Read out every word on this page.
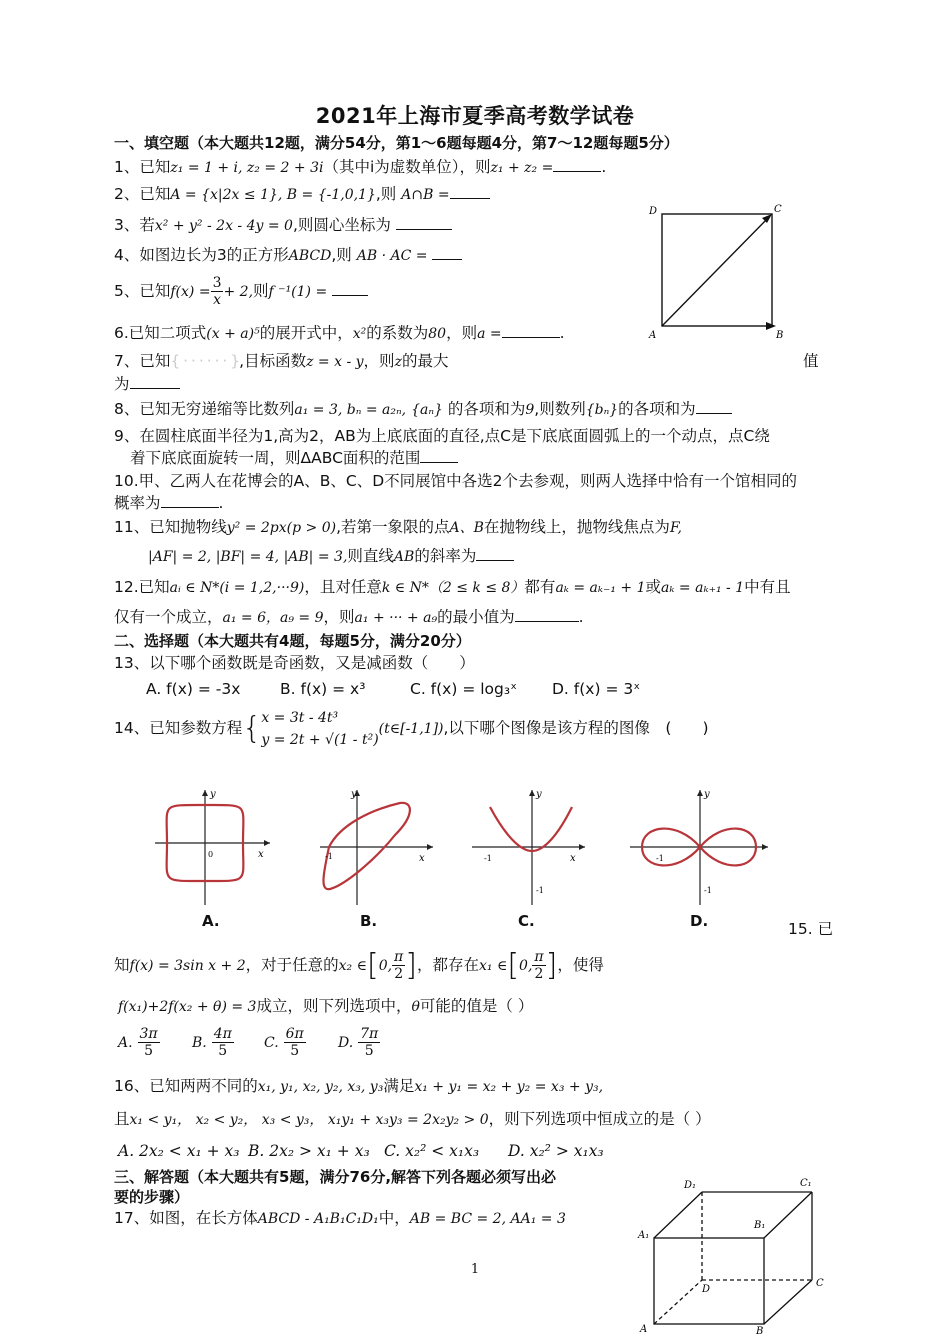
2021年上海市夏季高考数学试卷
一、填空题（本大题共12题，满分54分，第1～6题每题4分，第7～12题每题5分）
1、已知z₁ = 1 + i, z₂ = 2 + 3i（其中i为虚数单位），则z₁ + z₂ =	.
2、已知A = {x|2x ≤ 1}, B = {-1,0,1},则 A∩B =
3、若x² + y² - 2x - 4y = 0,则圆心坐标为
4、如图边长为3的正方形ABCD,则 AB · AC =
5、已知$f(x) = \frac{3}{x} + 2$,则f ⁻¹(1) =
6.已知二项式(x + a)⁵的展开式中，x²的系数为80，则a =	.
7、已知{ · · · · · · },目标函数z = x - y，则z的最大	值
为
8、已知无穷递缩等比数列a₁ = 3, bₙ = a₂ₙ, {aₙ} 的各项和为9,则数列{bₙ}的各项和为
9、在圆柱底面半径为1,高为2，AB为上底底面的直径,点C是下底底面圆弧上的一个动点，点C绕
着下底底面旋转一周，则ΔABC面积的范围
10.甲、乙两人在花博会的A、B、C、D不同展馆中各选2个去参观，则两人选择中恰有一个馆相同的
概率为	.
11、已知抛物线y² = 2px(p > 0),若第一象限的点A、B在抛物线上，抛物线焦点为F,
|AF| = 2, |BF| = 4, |AB| = 3,则直线AB的斜率为
12.已知aᵢ ∈ N*(i = 1,2,···9)，且对任意k ∈ N*（2 ≤ k ≤ 8）都有aₖ = aₖ₋₁ + 1或aₖ = aₖ₊₁ - 1中有且
仅有一个成立，a₁ = 6，a₉ = 9，则a₁ + ··· + a₉的最小值为	.
二、选择题（本大题共有4题，每题5分，满分20分）
13、以下哪个函数既是奇函数，又是减函数（　　）
A. f(x) = -3x	B. f(x) = x³	C. f(x) = log₃ˣ D. f(x) = 3ˣ
14、已知参数方程{ x = 3t - 4t³
y = 2t + √(1 - t²)
(t∈[-1,1]),以下哪个图像是该方程的图像　(　　)
x
y
0	x
y
-1	x
y
-1
-1
y
-1
-1
A.	B.	C.	D.	15. 已
知f(x) = 3sin x + 2，对于任意的x₂ ∈[0, $\frac{\pi}{2}$ ]，都存在x₁ ∈[0, $\frac{\pi}{2}$ ]，使得
f(x₁)+2f(x₂ + θ) = 3成立，则下列选项中，θ可能的值是（ ）
A. $\frac{3\pi}{5} B$. $\frac{4\pi}{5} C$. $\frac{6\pi}{5} D$. $\frac{7\pi}{5}$
16、已知两两不同的x₁, y₁, x₂, y₂, x₃, y₃满足x₁ + y₁ = x₂ + y₂ = x₃ + y₃,
且x₁ < y₁， x₂ < y₂， x₃ < y₃， x₁y₁ + x₃y₃ = 2x₂y₂ > 0，则下列选项中恒成立的是（ ）
A. 2x₂ < x₁ + x₃ B. 2x₂ > x₁ + x₃ C. x₂² < x₁x₃ D. x₂² > x₁x₃
三、解答题（本大题共有5题，满分76分,解答下列各题必须写出必
要的步骤）
17、如图，在长方体ABCD - A₁B₁C₁D₁中，AB = BC = 2, AA₁ = 3
D	C
A	B
D₁	C₁
A₁
B₁
D
C
A	B
1
